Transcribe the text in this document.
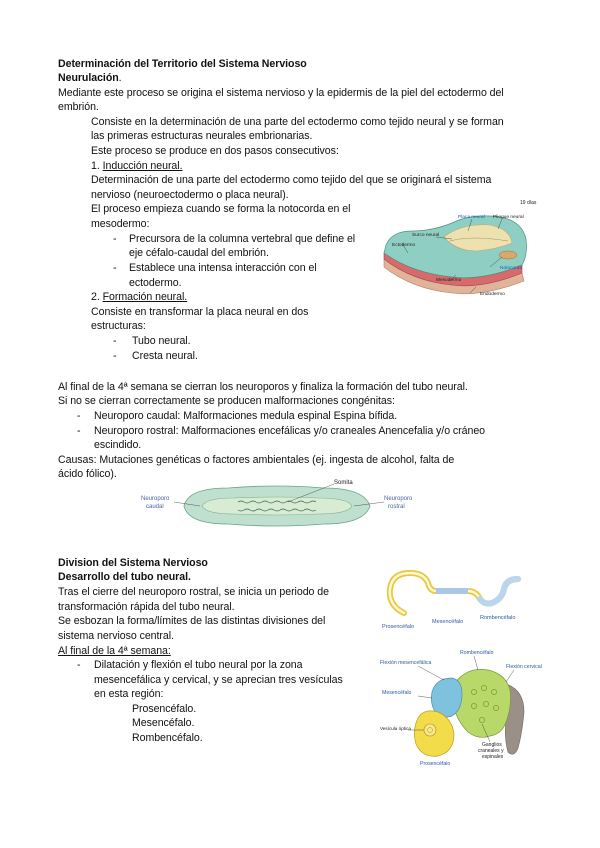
Determinación del Territorio del Sistema Nervioso
Neurulación.
Mediante este proceso se origina el sistema nervioso y la epidermis de la piel del ectodermo del
embrión.
Consiste en la determinación de una parte del ectodermo como tejido neural y se forman
las primeras estructuras neurales embrionarias.
Este proceso se produce en dos pasos consecutivos:
1. Inducción neural.
Determinación de una parte del ectodermo como tejido del que se originará el sistema
nervioso (neuroectodermo o placa neural).
El proceso empieza cuando se forma la notocorda en el
mesodermo:
- Precursora de la columna vertebral que define el
eje céfalo-caudal del embrión.
- Establece una intensa interacción con el
ectodermo.
2. Formación neural.
Consiste en transformar la placa neural en dos
estructuras:
- Tubo neural.
- Cresta neural.
Al final de la 4ª semana se cierran los neuroporos y finaliza la formación del tubo neural.
Si no se cierran correctamente se producen malformaciones congénitas:
- Neuroporo caudal: Malformaciones medula espinal Espina bífida.
- Neuroporo rostral: Malformaciones encefálicas y/o craneales Anencefalia y/o cráneo
escindido.
Causas: Mutaciones genéticas o factores ambientales (ej. ingesta de alcohol, falta de
ácido fólico).
19 días
Placa neural Pliegue neural
Surco neural
Ectodermo
Notocorda
Mesodermo
Endodermo
Neuroporo
caudal
Somita
Neuroporo
rostral
Division del Sistema Nervioso
Desarrollo del tubo neural.
Tras el cierre del neuroporo rostral, se inicia un periodo de
transformación rápida del tubo neural.
Se esbozan la forma/límites de las distintas divisiones del
sistema nervioso central.
Al final de la 4ª semana:
- Dilatación y flexión el tubo neural por la zona
mesencefálica y cervical, y se aprecian tres vesículas
en esta región:
Prosencéfalo.
Mesencéfalo.
Rombencéfalo.
Prosencéfalo
Mesencéfalo
Rombencéfalo
Rombencéfalo
Flexión mesencefálica
Flexión cervical
Mesencéfalo
Vesícula óptica
Ganglios
craneales y
espinales
Prosencéfalo
